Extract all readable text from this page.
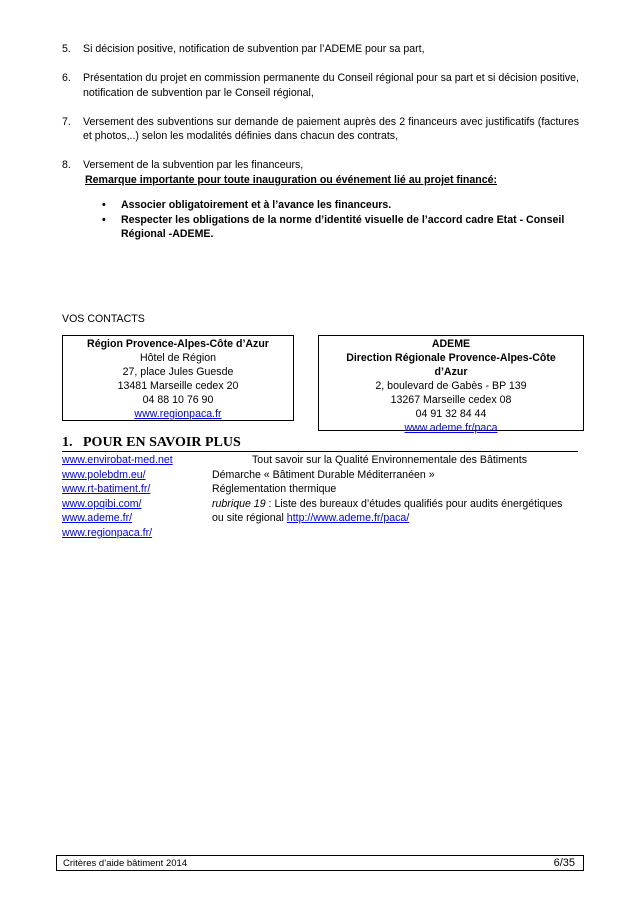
5. Si décision positive, notification de subvention par l’ADEME pour sa part,
6. Présentation du projet en commission permanente du Conseil régional pour sa part et si décision positive, notification de subvention par le Conseil régional,
7. Versement des subventions sur demande de paiement auprès des 2 financeurs avec justificatifs (factures et photos,..) selon les modalités définies dans chacun des contrats,
8. Versement de la subvention par les financeurs,
Remarque importante pour toute inauguration ou événement lié au projet financé:
• Associer obligatoirement et à l’avance les financeurs.
• Respecter les obligations de la norme d’identité visuelle de l’accord cadre Etat - Conseil Régional -ADEME.
VOS CONTACTS
Région Provence-Alpes-Côte d’Azur
Hôtel de Région
27, place Jules Guesde
13481 Marseille cedex 20
04 88 10 76 90
www.regionpaca.fr
ADEME
Direction Régionale Provence-Alpes-Côte
d’Azur
2, boulevard de Gabès - BP 139
13267 Marseille cedex 08
04 91 32 84 44
www.ademe.fr/paca
1. POUR EN SAVOIR PLUS
www.envirobat-med.net	Tout savoir sur la Qualité Environnementale des Bâtiments
www.polebdm.eu/	Démarche « Bâtiment Durable Méditerranéen »
www.rt-batiment.fr/	Réglementation thermique
www.opqibi.com/	rubrique 19 : Liste des bureaux d’études qualifiés pour audits énergétiques
www.ademe.fr/	ou site régional http://www.ademe.fr/paca/
www.regionpaca.fr/
Critères d’aide bâtiment 2014	6/35
